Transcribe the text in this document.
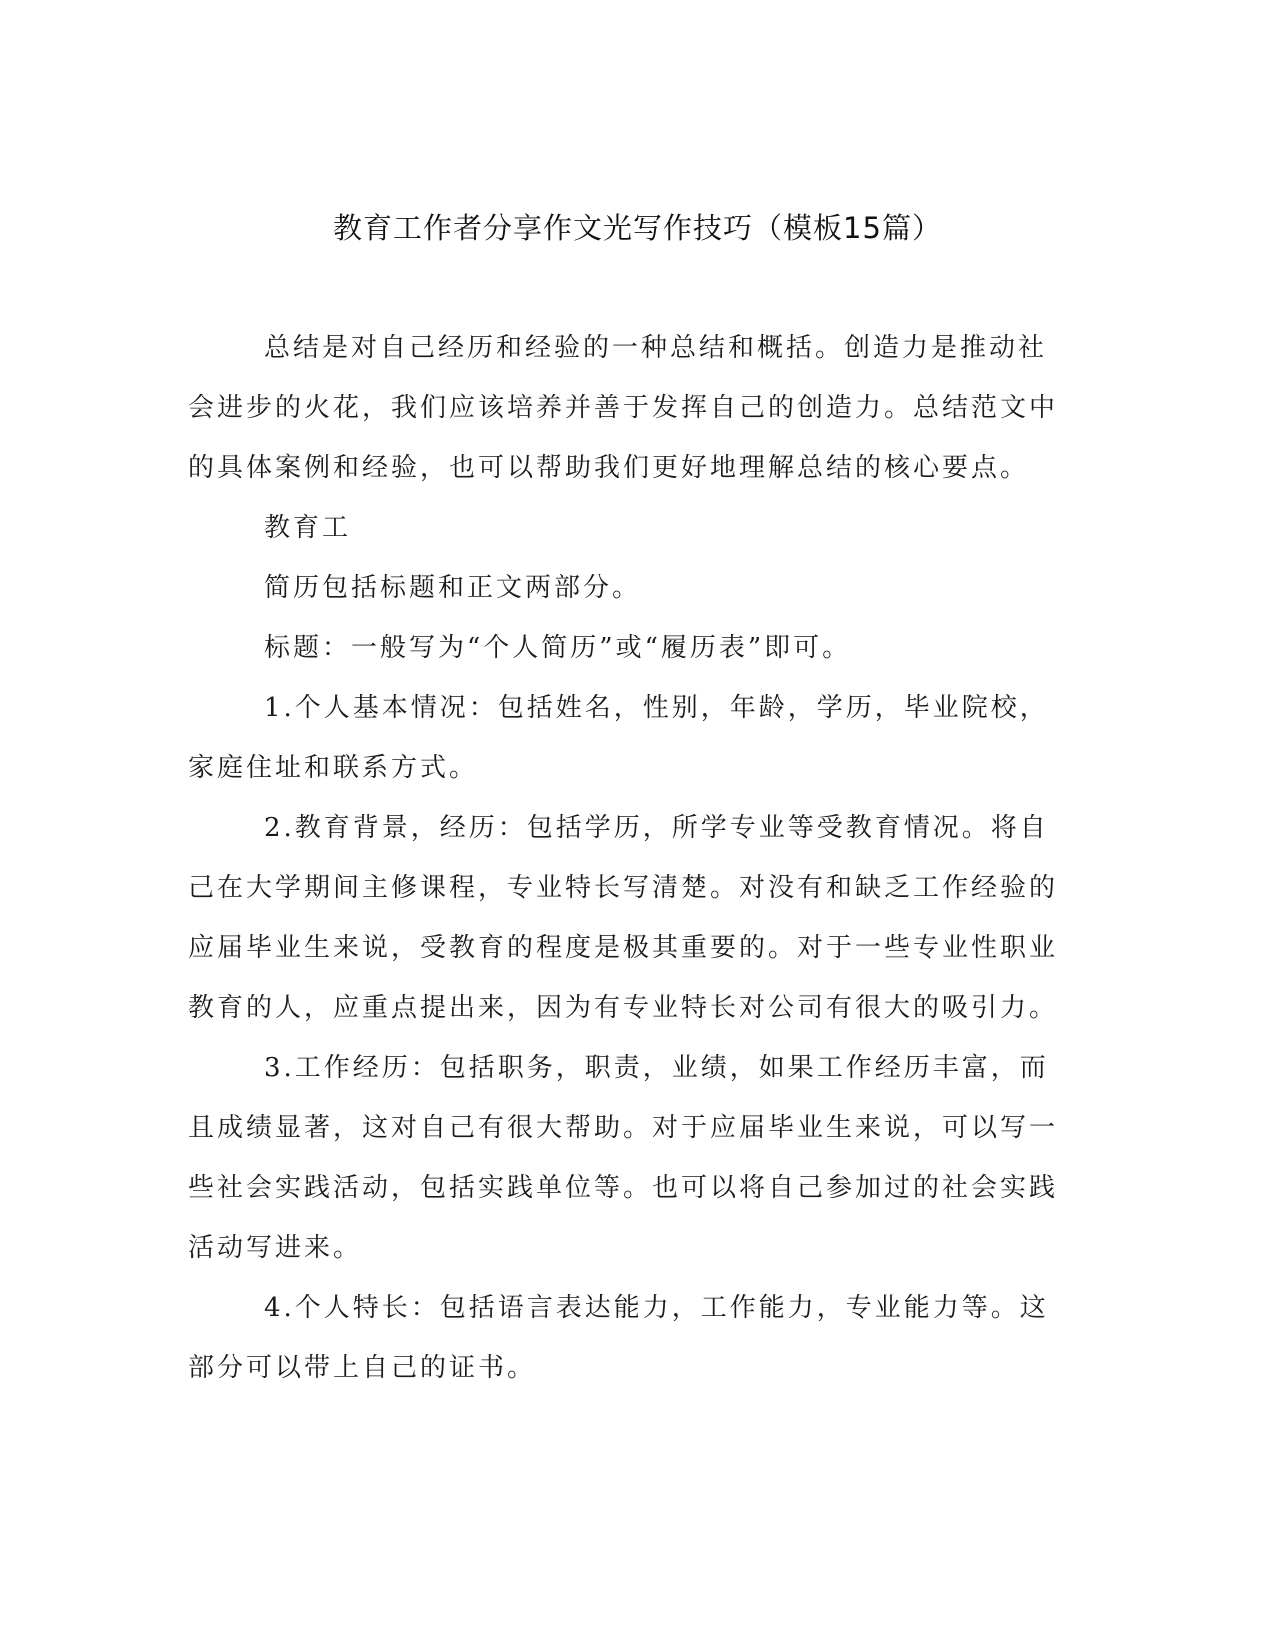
教育工作者分享作文光写作技巧（模板15篇）

总结是对自己经历和经验的一种总结和概括。创造力是推动社会进步的火花，我们应该培养并善于发挥自己的创造力。总结范文中的具体案例和经验，也可以帮助我们更好地理解总结的核心要点。

教育工

简历包括标题和正文两部分。

标题：一般写为“个人简历”或“履历表”即可。

1.个人基本情况：包括姓名，性别，年龄，学历，毕业院校，家庭住址和联系方式。

2.教育背景，经历：包括学历，所学专业等受教育情况。将自己在大学期间主修课程，专业特长写清楚。对没有和缺乏工作经验的应届毕业生来说，受教育的程度是极其重要的。对于一些专业性职业教育的人，应重点提出来，因为有专业特长对公司有很大的吸引力。

3.工作经历：包括职务，职责，业绩，如果工作经历丰富，而且成绩显著，这对自己有很大帮助。对于应届毕业生来说，可以写一些社会实践活动，包括实践单位等。也可以将自己参加过的社会实践活动写进来。

4.个人特长：包括语言表达能力，工作能力，专业能力等。这部分可以带上自己的证书。
